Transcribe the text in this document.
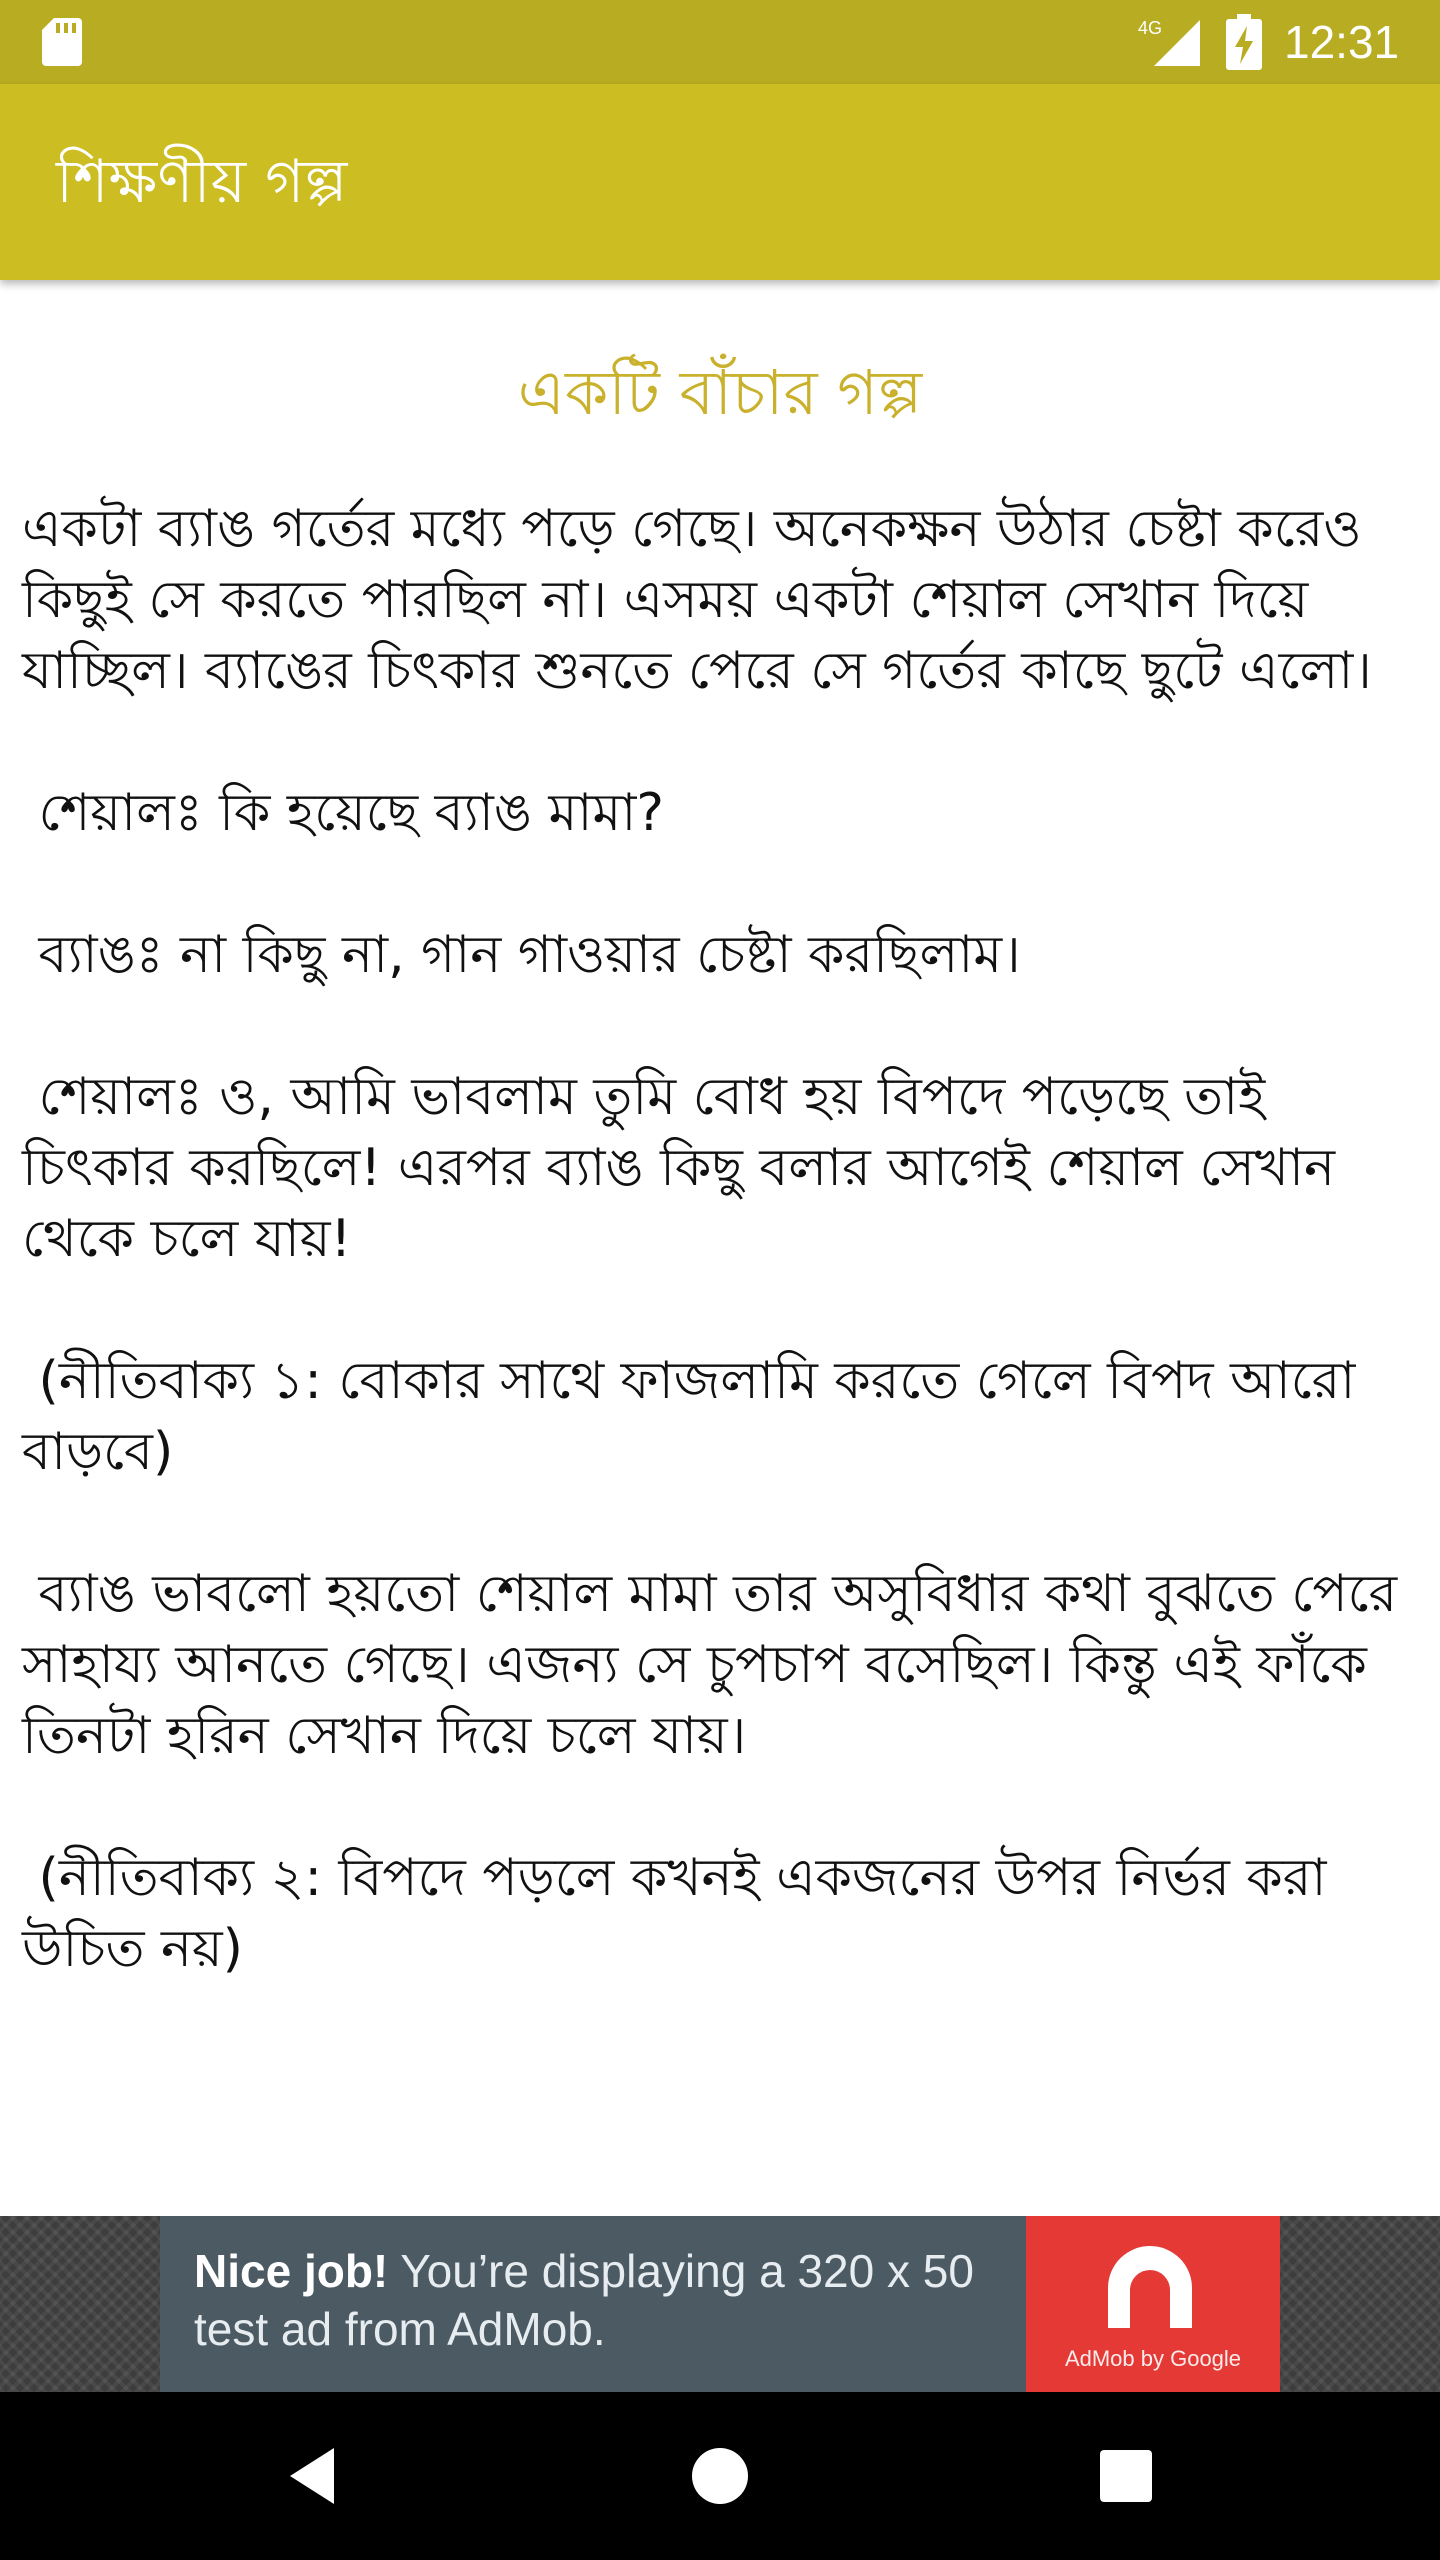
4G	12:31
শিক্ষণীয় গল্প
একটি বাঁচার গল্প
একটা ব্যাঙ গর্তের মধ্যে পড়ে গেছে। অনেকক্ষন উঠার চেষ্টা করেও কিছুই সে করতে পারছিল না। এসময় একটা শেয়াল সেখান দিয়ে যাচ্ছিল। ব্যাঙের চিৎকার শুনতে পেরে সে গর্তের কাছে ছুটে এলো।

শেয়ালঃ কি হয়েছে ব্যাঙ মামা?

ব্যাঙঃ না কিছু না, গান গাওয়ার চেষ্টা করছিলাম।

শেয়ালঃ ও, আমি ভাবলাম তুমি বোধ হয় বিপদে পড়েছে তাই চিৎকার করছিলে! এরপর ব্যাঙ কিছু বলার আগেই শেয়াল সেখান থেকে চলে যায়!

(নীতিবাক্য ১: বোকার সাথে ফাজলামি করতে গেলে বিপদ আরো বাড়বে)

ব্যাঙ ভাবলো হয়তো শেয়াল মামা তার অসুবিধার কথা বুঝতে পেরে সাহায্য আনতে গেছে। এজন্য সে চুপচাপ বসেছিল। কিন্তু এই ফাঁকে তিনটা হরিন সেখান দিয়ে চলে যায়।

(নীতিবাক্য ২: বিপদে পড়লে কখনই একজনের উপর নির্ভর করা উচিত নয়)
Nice job! You’re displaying a 320 x 50 test ad from AdMob.
AdMob by Google
